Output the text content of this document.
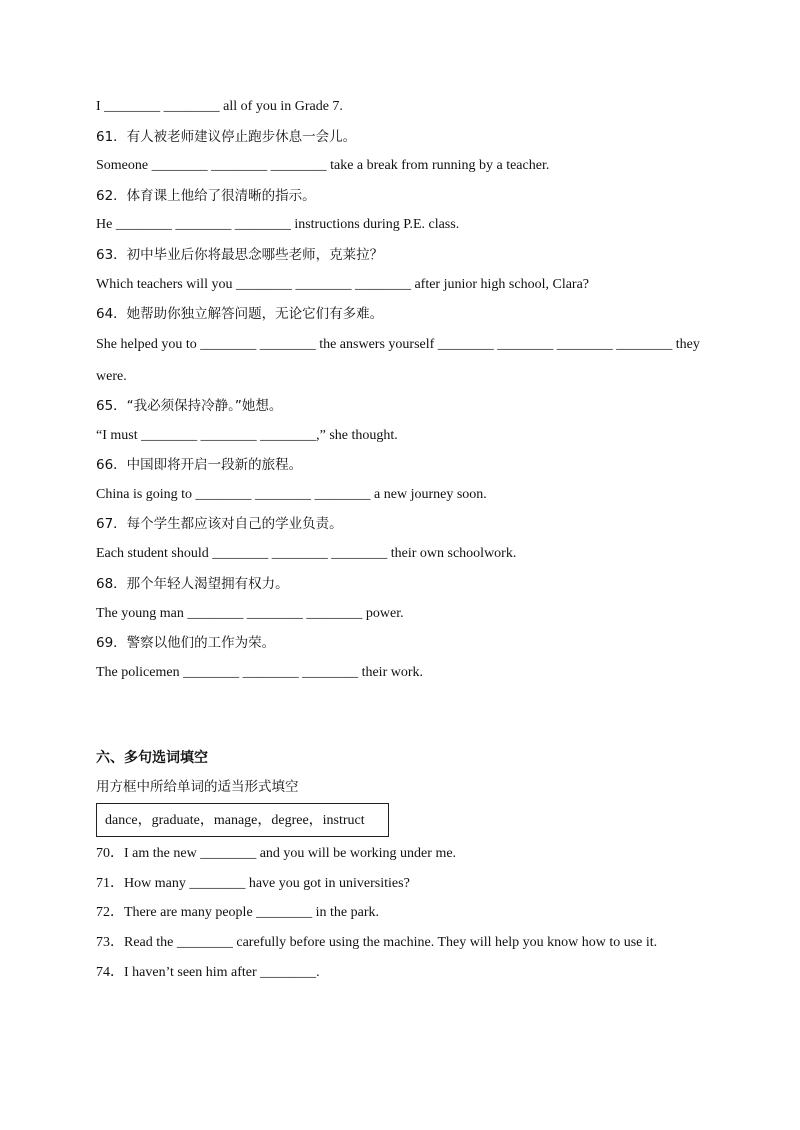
I ________ ________ all of you in Grade 7.
61．有人被老师建议停止跑步休息一会儿。
Someone ________ ________ ________ take a break from running by a teacher.
62．体育课上他给了很清晰的指示。
He ________ ________ ________ instructions during P.E. class.
63．初中毕业后你将最思念哪些老师，克莱拉？
Which teachers will you ________ ________ ________ after junior high school, Clara?
64．她帮助你独立解答问题，无论它们有多难。
She helped you to ________ ________ the answers yourself ________ ________ ________ ________ they
were.
65．“我必须保持冷静。”她想。
“I must ________ ________ ________,” she thought.
66．中国即将开启一段新的旅程。
China is going to ________ ________ ________ a new journey soon.
67．每个学生都应该对自己的学业负责。
Each student should ________ ________ ________ their own schoolwork.
68．那个年轻人渴望拥有权力。
The young man ________ ________ ________ power.
69．警察以他们的工作为荣。
The policemen ________ ________ ________ their work.
六、多句选词填空
用方框中所给单词的适当形式填空
dance，graduate，manage，degree，instruct
70．I am the new ________ and you will be working under me.
71．How many ________ have you got in universities?
72．There are many people ________ in the park.
73．Read the ________ carefully before using the machine. They will help you know how to use it.
74．I haven’t seen him after ________.
